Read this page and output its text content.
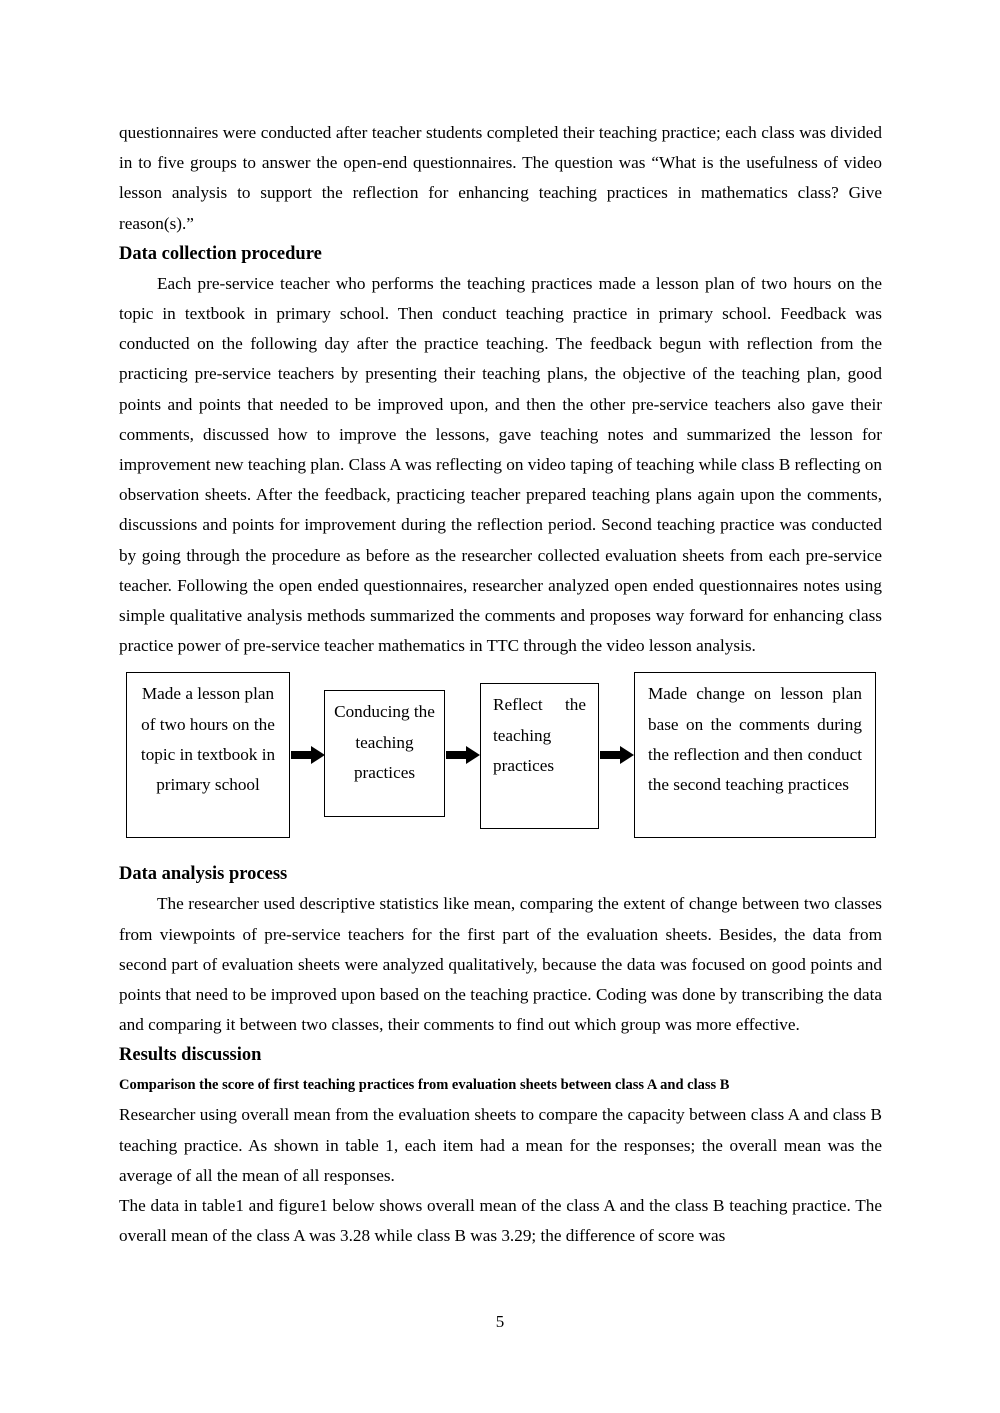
questionnaires were conducted after teacher students completed their teaching practice; each class was divided in to five groups to answer the open-end questionnaires. The question was “What is the usefulness of video lesson analysis to support the reflection for enhancing teaching practices in mathematics class? Give reason(s).”

Data collection procedure

Each pre-service teacher who performs the teaching practices made a lesson plan of two hours on the topic in textbook in primary school. Then conduct teaching practice in primary school. Feedback was conducted on the following day after the practice teaching. The feedback begun with reflection from the practicing pre-service teachers by presenting their teaching plans, the objective of the teaching plan, good points and points that needed to be improved upon, and then the other pre-service teachers also gave their comments, discussed how to improve the lessons, gave teaching notes and summarized the lesson for improvement new teaching plan. Class A was reflecting on video taping of teaching while class B reflecting on observation sheets. After the feedback, practicing teacher prepared teaching plans again upon the comments, discussions and points for improvement during the reflection period. Second teaching practice was conducted by going through the procedure as before as the researcher collected evaluation sheets from each pre-service teacher. Following the open ended questionnaires, researcher analyzed open ended questionnaires notes using simple qualitative analysis methods summarized the comments and proposes way forward for enhancing class practice power of pre-service teacher mathematics in TTC through the video lesson analysis.

Made a lesson plan of two hours on the topic in textbook in primary school
Conducing the teaching practices
Reflect the teaching practices
Made change on lesson plan base on the comments during the reflection and then conduct the second teaching practices
Data analysis process

The researcher used descriptive statistics like mean, comparing the extent of change between two classes from viewpoints of pre-service teachers for the first part of the evaluation sheets. Besides, the data from second part of evaluation sheets were analyzed qualitatively, because the data was focused on good points and points that need to be improved upon based on the teaching practice. Coding was done by transcribing the data and comparing it between two classes, their comments to find out which group was more effective.

Results discussion
Comparison the score of first teaching practices from evaluation sheets between class A and class B

Researcher using overall mean from the evaluation sheets to compare the capacity between class A and class B teaching practice. As shown in table 1, each item had a mean for the responses; the overall mean was the average of all the mean of all responses.

The data in table1 and figure1 below shows overall mean of the class A and the class B teaching practice. The overall mean of the class A was 3.28 while class B was 3.29; the difference of score was

5
